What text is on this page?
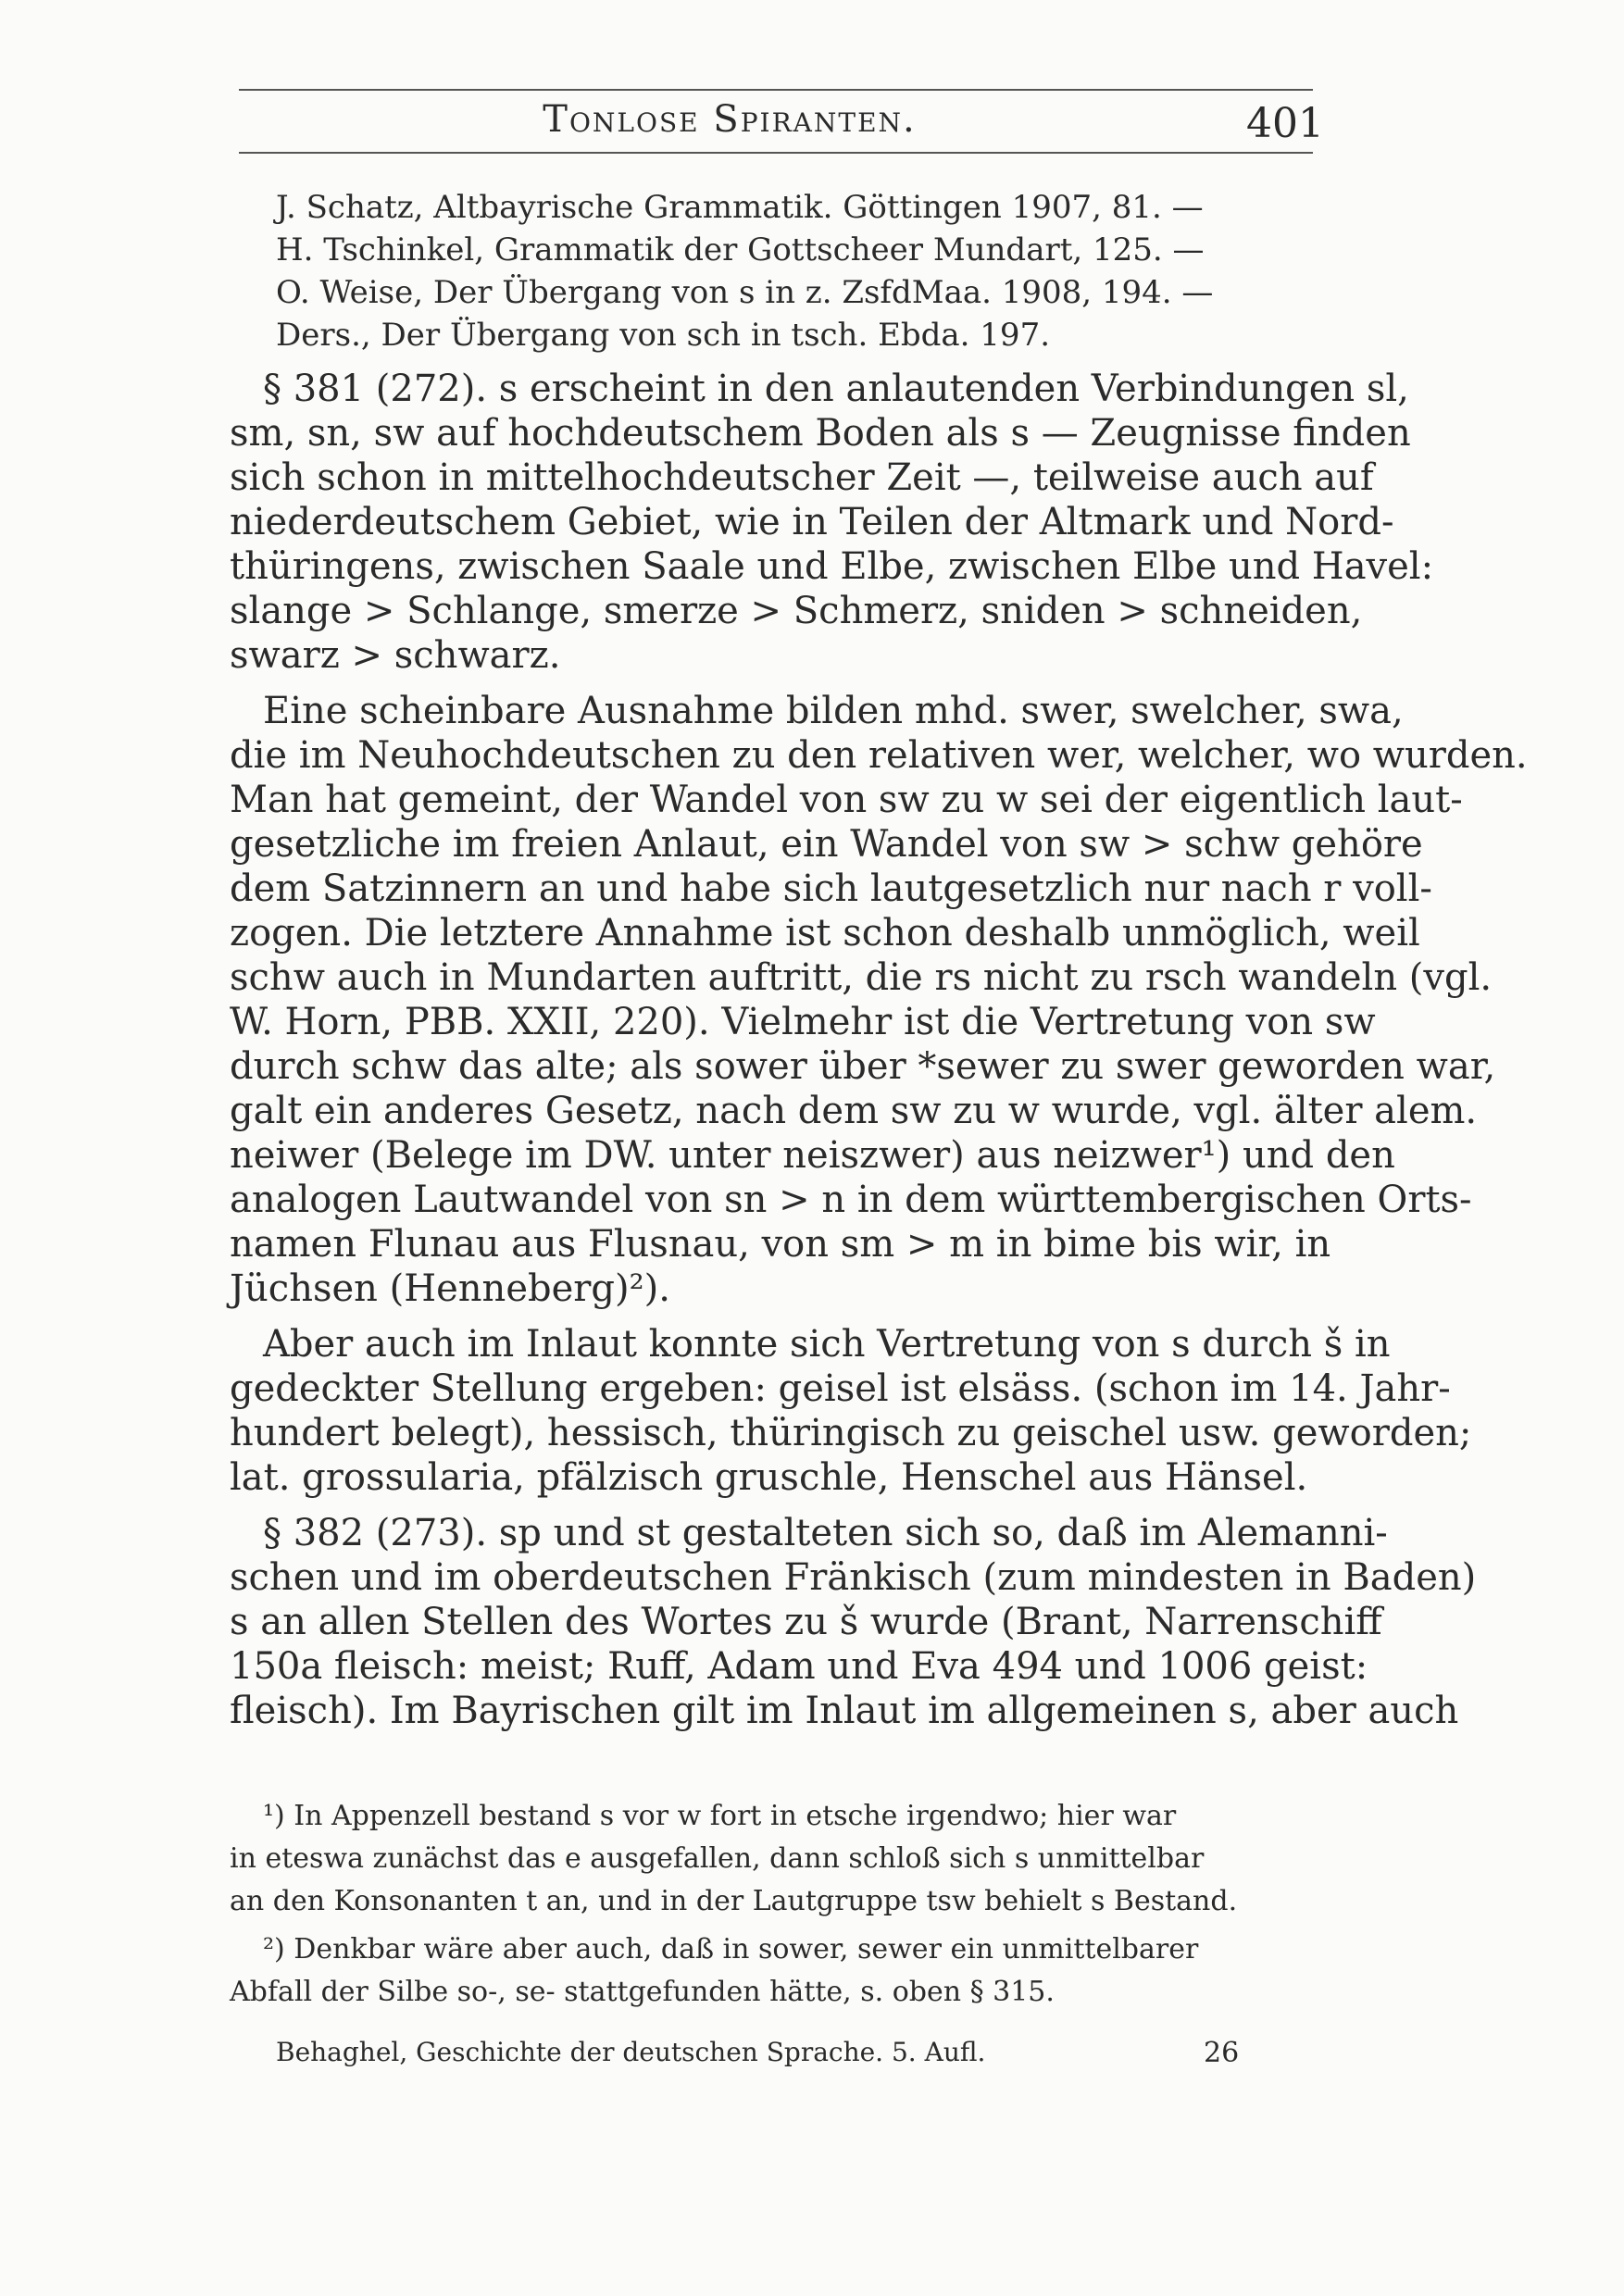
Tonlose Spiranten.	401
J. Schatz, Altbayrische Grammatik. Göttingen 1907, 81. —
H. Tschinkel, Grammatik der Gottscheer Mundart, 125. —
O. Weise, Der Übergang von s in z. ZsfdMaa. 1908, 194. —
Ders., Der Übergang von sch in tsch. Ebda. 197.
§ 381 (272). s erscheint in den anlautenden Verbindungen sl,
sm, sn, sw auf hochdeutschem Boden als s — Zeugnisse finden
sich schon in mittelhochdeutscher Zeit —, teilweise auch auf
niederdeutschem Gebiet, wie in Teilen der Altmark und Nord-
thüringens, zwischen Saale und Elbe, zwischen Elbe und Havel:
slange > Schlange, smerze > Schmerz, sniden > schneiden,
swarz > schwarz.
Eine scheinbare Ausnahme bilden mhd. swer, swelcher, swa,
die im Neuhochdeutschen zu den relativen wer, welcher, wo wurden.
Man hat gemeint, der Wandel von sw zu w sei der eigentlich laut-
gesetzliche im freien Anlaut, ein Wandel von sw > schw gehöre
dem Satzinnern an und habe sich lautgesetzlich nur nach r voll-
zogen. Die letztere Annahme ist schon deshalb unmöglich, weil
schw auch in Mundarten auftritt, die rs nicht zu rsch wandeln (vgl.
W. Horn, PBB. XXII, 220). Vielmehr ist die Vertretung von sw
durch schw das alte; als sower über *sewer zu swer geworden war,
galt ein anderes Gesetz, nach dem sw zu w wurde, vgl. älter alem.
neiwer (Belege im DW. unter neiszwer) aus neizwer¹) und den
analogen Lautwandel von sn > n in dem württembergischen Orts-
namen Flunau aus Flusnau, von sm > m in bime bis wir, in
Jüchsen (Henneberg)²).
Aber auch im Inlaut konnte sich Vertretung von s durch š in
gedeckter Stellung ergeben: geisel ist elsäss. (schon im 14. Jahr-
hundert belegt), hessisch, thüringisch zu geischel usw. geworden;
lat. grossularia, pfälzisch gruschle, Henschel aus Hänsel.
§ 382 (273). sp und st gestalteten sich so, daß im Alemanni-
schen und im oberdeutschen Fränkisch (zum mindesten in Baden)
s an allen Stellen des Wortes zu š wurde (Brant, Narrenschiff
150a fleisch: meist; Ruff, Adam und Eva 494 und 1006 geist:
fleisch). Im Bayrischen gilt im Inlaut im allgemeinen s, aber auch
¹) In Appenzell bestand s vor w fort in etsche irgendwo; hier war
in eteswa zunächst das e ausgefallen, dann schloß sich s unmittelbar
an den Konsonanten t an, und in der Lautgruppe tsw behielt s Bestand.
²) Denkbar wäre aber auch, daß in sower, sewer ein unmittelbarer
Abfall der Silbe so-, se- stattgefunden hätte, s. oben § 315.
Behaghel, Geschichte der deutschen Sprache. 5. Aufl.	26
